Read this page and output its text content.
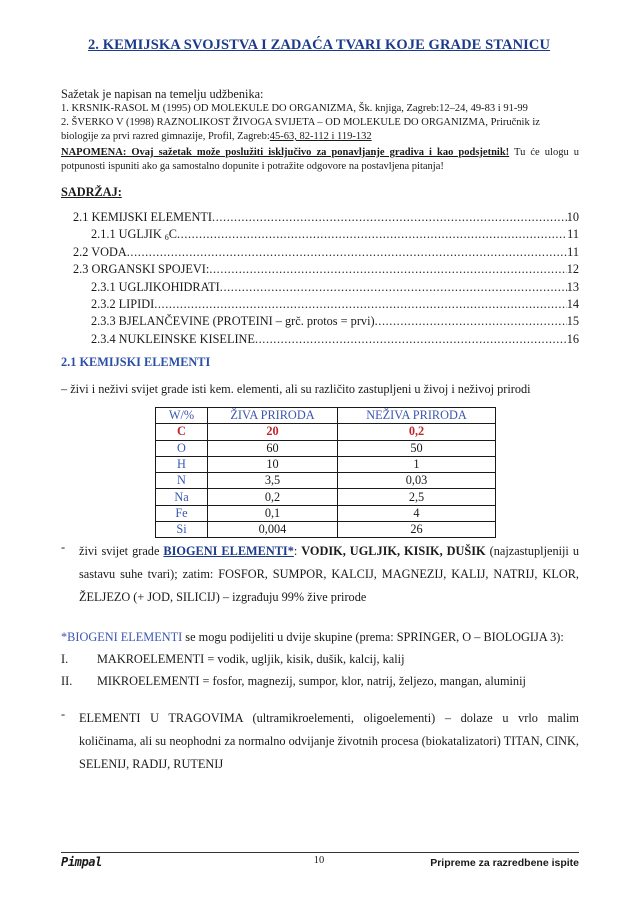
2. KEMIJSKA SVOJSTVA I ZADAĆA TVARI KOJE GRADE STANICU
Sažetak je napisan na temelju udžbenika:
1. KRSNIK-RASOL M (1995) OD MOLEKULE DO ORGANIZMA, Šk. knjiga, Zagreb:12–24, 49-83 i 91-99
2. ŠVERKO V (1998) RAZNOLIKOST ŽIVOGA SVIJETA – OD MOLEKULE DO ORGANIZMA, Priručnik iz biologije za prvi razred gimnazije, Profil, Zagreb:45-63, 82-112 i 119-132
NAPOMENA: Ovaj sažetak može poslužiti isključivo za ponavljanje gradiva i kao podsjetnik! Tu će ulogu u potpunosti ispuniti ako ga samostalno dopunite i potražite odgovore na postavljena pitanja!
SADRŽAJ:
2.1 KEMIJSKI ELEMENTI .....	10
2.1.1 UGLJIK 6C .....	11
2.2 VODA .....	11
2.3 ORGANSKI SPOJEVI: .....	12
2.3.1 UGLJIKOHIDRATI .....	13
2.3.2 LIPIDI .....	14
2.3.3 BJELANČEVINE (PROTEINI – grč. protos = prvi) .....	15
2.3.4 NUKLEINSKE KISELINE .....	16
2.1 KEMIJSKI ELEMENTI
– živi i neživi svijet grade isti kem. elementi, ali su različito zastupljeni u živoj i neživoj prirodi
W/%	ŽIVA PRIRODA	NEŽIVA PRIRODA
C	20	0,2
O	60	50
H	10	1
N	3,5	0,03
Na	0,2	2,5
Fe	0,1	4
Si	0,004	26
-	živi svijet grade BIOGENI ELEMENTI*: VODIK, UGLJIK, KISIK, DUŠIK (najzastupljeniji u sastavu suhe tvari); zatim: FOSFOR, SUMPOR, KALCIJ, MAGNEZIJ, KALIJ, NATRIJ, KLOR, ŽELJEZO (+ JOD, SILICIJ) – izgrađuju 99% žive prirode
*BIOGENI ELEMENTI se mogu podijeliti u dvije skupine (prema: SPRINGER, O – BIOLOGIJA 3):
I.	MAKROELEMENTI = vodik, ugljik, kisik, dušik, kalcij, kalij
II.	MIKROELEMENTI = fosfor, magnezij, sumpor, klor, natrij, željezo, mangan, aluminij
-	ELEMENTI U TRAGOVIMA (ultramikroelementi, oligoelementi) – dolaze u vrlo malim količinama, ali su neophodni za normalno odvijanje životnih procesa (biokatalizatori) TITAN, CINK, SELENIJ, RADIJ, RUTENIJ
Pimpal	10	Pripreme za razredbene ispite
